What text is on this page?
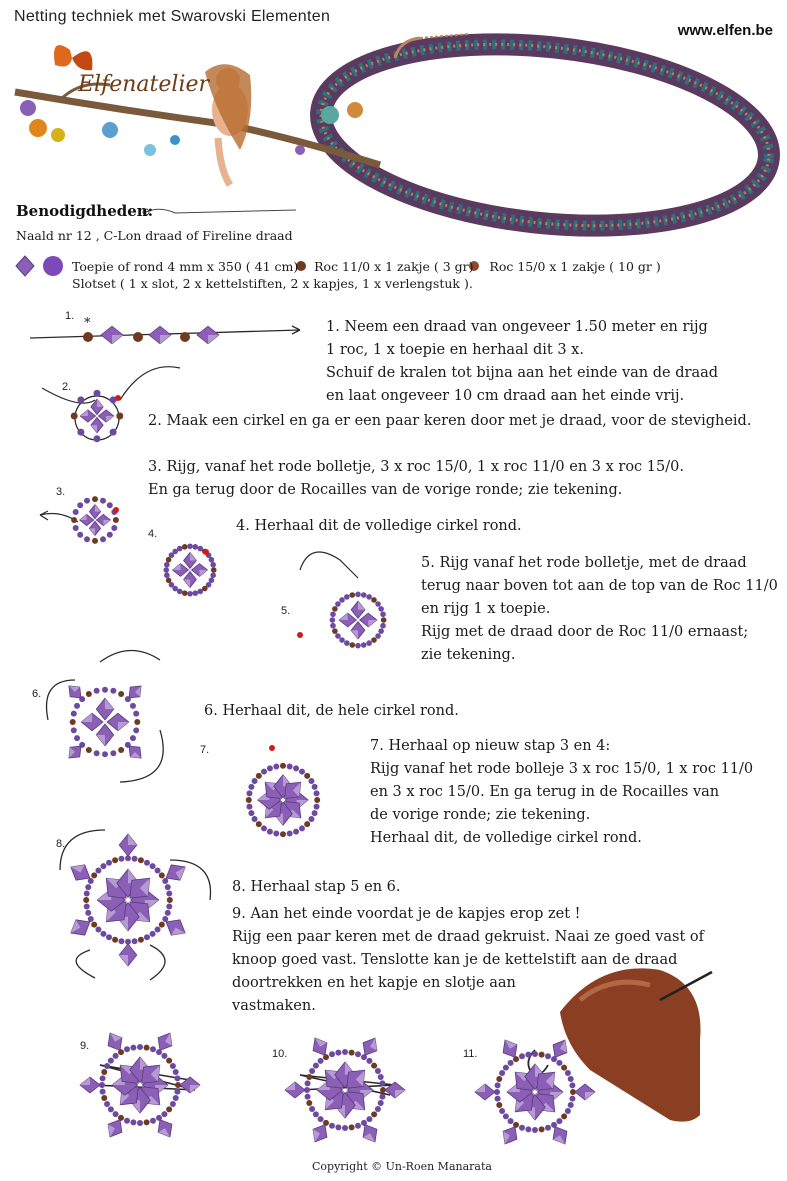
Netting techniek met Swarovski Elementen
www.elfen.be
*
Elfenatelier
Benodigdheden:
Naald nr 12 , C-Lon draad of Fireline draad
Toepie of rond 4 mm x 350 ( 41 cm)    Roc 11/0 x 1 zakje ( 3 gr)    Roc 15/0 x 1 zakje ( 10 gr )
Slotset ( 1 x slot, 2 x kettelstiften, 2 x kapjes, 1 x verlengstuk ).
1.
2.
3.
4.
5.
6.
7.
8.
9.
10.	11.
1. Neem een draad van ongeveer 1.50 meter en rijg
1 roc, 1 x toepie en herhaal dit 3 x.
Schuif de kralen tot bijna aan het einde van de draad
en laat ongeveer 10 cm draad aan het einde vrij.
2. Maak een cirkel en ga er een paar keren door met je draad, voor de stevigheid.
3. Rijg, vanaf het rode bolletje, 3 x roc 15/0, 1 x roc 11/0 en 3 x roc 15/0.
En ga terug door de Rocailles van de vorige ronde; zie tekening.
4. Herhaal dit de volledige cirkel rond.
5. Rijg vanaf het rode bolletje, met de draad
terug naar boven tot aan de top van de Roc 11/0
en rijg 1 x toepie.
Rijg met de draad door de Roc 11/0 ernaast;
zie tekening.
6. Herhaal dit, de hele cirkel rond.
7. Herhaal op nieuw stap 3 en 4:
Rijg vanaf het rode bolleje 3 x roc 15/0, 1 x roc 11/0
en 3 x roc 15/0. En ga terug in de Rocailles van
de vorige ronde; zie tekening.
Herhaal dit, de volledige cirkel rond.
8. Herhaal stap 5 en 6.
9. Aan het einde voordat je de kapjes erop zet !
Rijg een paar keren met de draad gekruist. Naai ze goed vast of
knoop goed vast. Tenslotte kan je de kettelstift aan de draad
doortrekken en het kapje en slotje aan
vastmaken.
Copyright © Un-Roen Manarata
